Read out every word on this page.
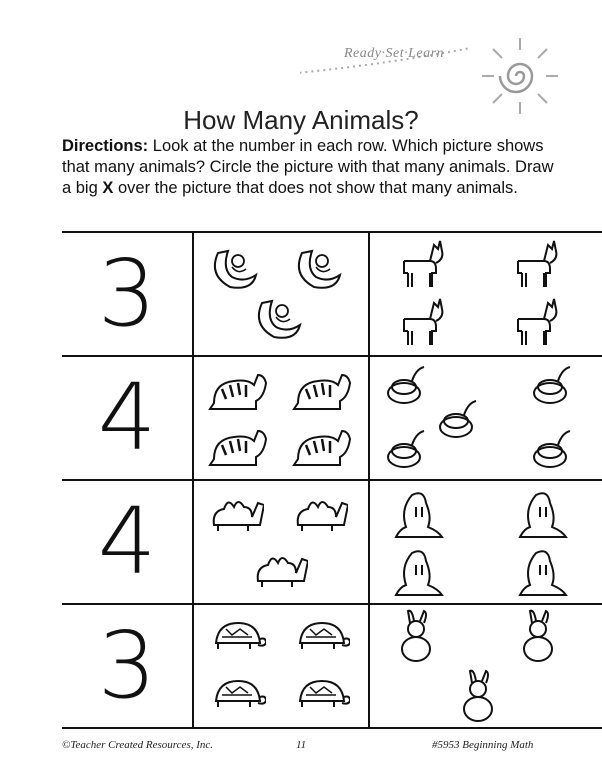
Ready·Set·Learn
How Many Animals?
Directions: Look at the number in each row. Which picture shows that many animals? Circle the picture with that many animals. Draw a big X over the picture that does not show that many animals.
3
4
4
3
©Teacher Created Resources, Inc.	11	#5953 Beginning Math
